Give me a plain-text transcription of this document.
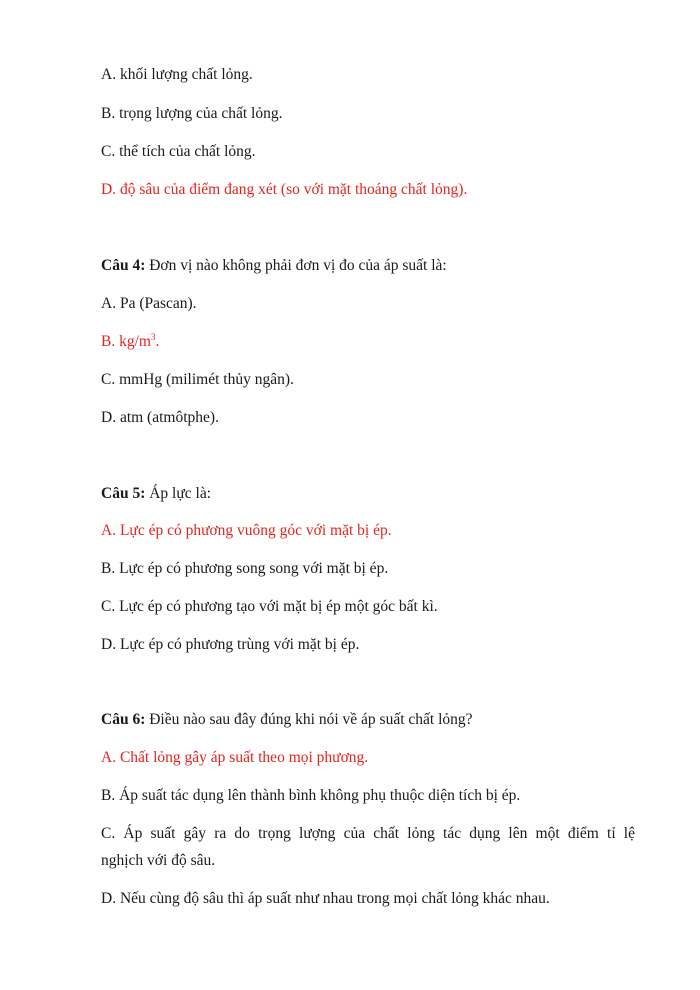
A. khối lượng chất lỏng.
B. trọng lượng của chất lỏng.
C. thể tích của chất lỏng.
D. độ sâu của điểm đang xét (so với mặt thoáng chất lỏng).
Câu 4: Đơn vị nào không phải đơn vị đo của áp suất là:
A. Pa (Pascan).
B. $kg/m^3$.
C. mmHg (milimét thủy ngân).
D. atm (atmôtphe).
Câu 5: Áp lực là:
A. Lực ép có phương vuông góc với mặt bị ép.
B. Lực ép có phương song song với mặt bị ép.
C. Lực ép có phương tạo với mặt bị ép một góc bất kì.
D. Lực ép có phương trùng với mặt bị ép.
Câu 6: Điều nào sau đây đúng khi nói về áp suất chất lỏng?
A. Chất lỏng gây áp suất theo mọi phương.
B. Áp suất tác dụng lên thành bình không phụ thuộc diện tích bị ép.
C. Áp suất gây ra do trọng lượng của chất lỏng tác dụng lên một điểm tỉ lệ
nghịch với độ sâu.
D. Nếu cùng độ sâu thì áp suất như nhau trong mọi chất lỏng khác nhau.
